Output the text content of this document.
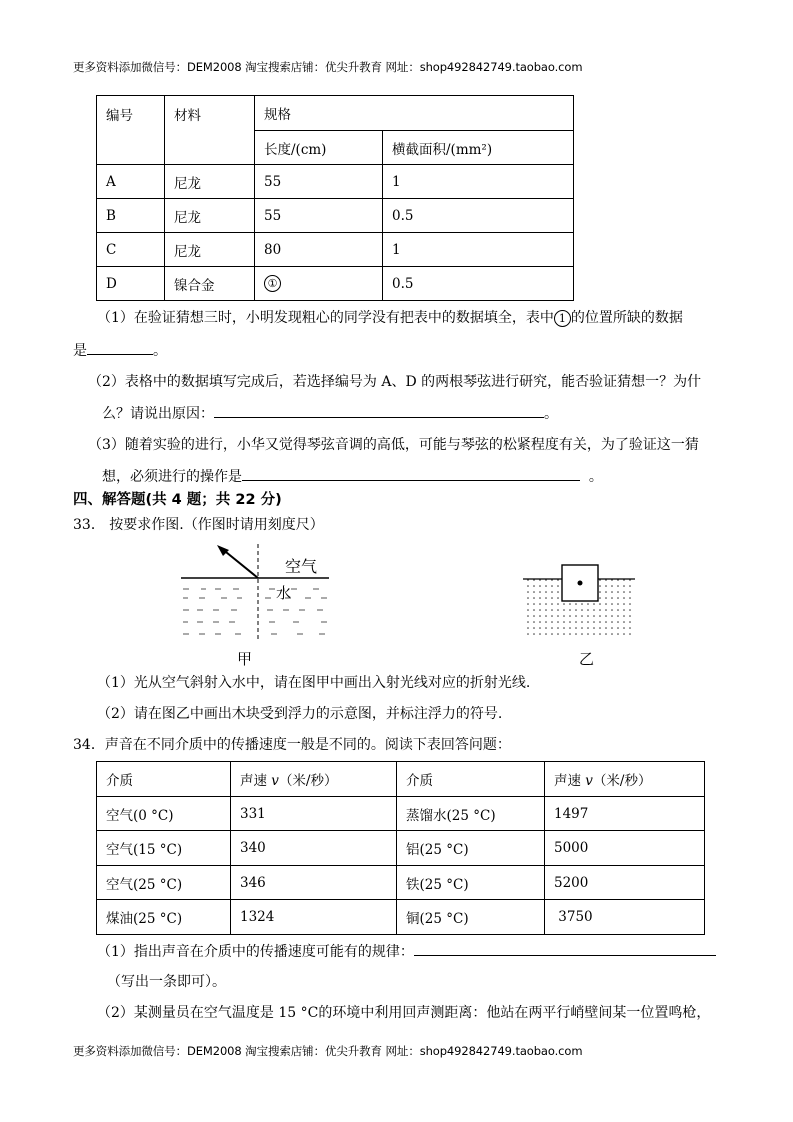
更多资料添加微信号：DEM2008 淘宝搜索店铺：优尖升教育 网址：shop492842749.taobao.com
编号	材料	规格	
		长度/(cm)	横截面积/(mm²)
A	尼龙	55	1
B	尼龙	55	0.5
C	尼龙	80	1
D	镍合金	①	0.5
（1）在验证猜想三时，小明发现粗心的同学没有把表中的数据填全，表中 1 的位置所缺的数据
是	。
（2）表格中的数据填写完成后，若选择编号为 A、D 的两根琴弦进行研究，能否验证猜想一？为什
么？请说出原因：	。
（3）随着实验的进行，小华又觉得琴弦音调的高低，可能与琴弦的松紧程度有关，为了验证这一猜
想，必须进行的操作是	。
四、解答题(共 4 题；共 22 分)
33． 按要求作图.（作图时请用刻度尺）
空气
水
甲	乙
（1）光从空气斜射入水中，请在图甲中画出入射光线对应的折射光线.
（2）请在图乙中画出木块受到浮力的示意图，并标注浮力的符号.
34．声音在不同介质中的传播速度一般是不同的。阅读下表回答问题：
介质	声速 v（米/秒）	介质	声速 v（米/秒）
空气(0 °C)	331	蒸馏水(25 °C)	1497
空气(15 °C)	340	铝(25 °C)	5000
空气(25 °C)	346	铁(25 °C)	5200
煤油(25 °C)	1324	铜(25 °C)	3750
（1）指出声音在介质中的传播速度可能有的规律：
（写出一条即可）。
（2）某测量员在空气温度是 15 °C的环境中利用回声测距离：他站在两平行峭壁间某一位置鸣枪，
更多资料添加微信号：DEM2008 淘宝搜索店铺：优尖升教育 网址：shop492842749.taobao.com
